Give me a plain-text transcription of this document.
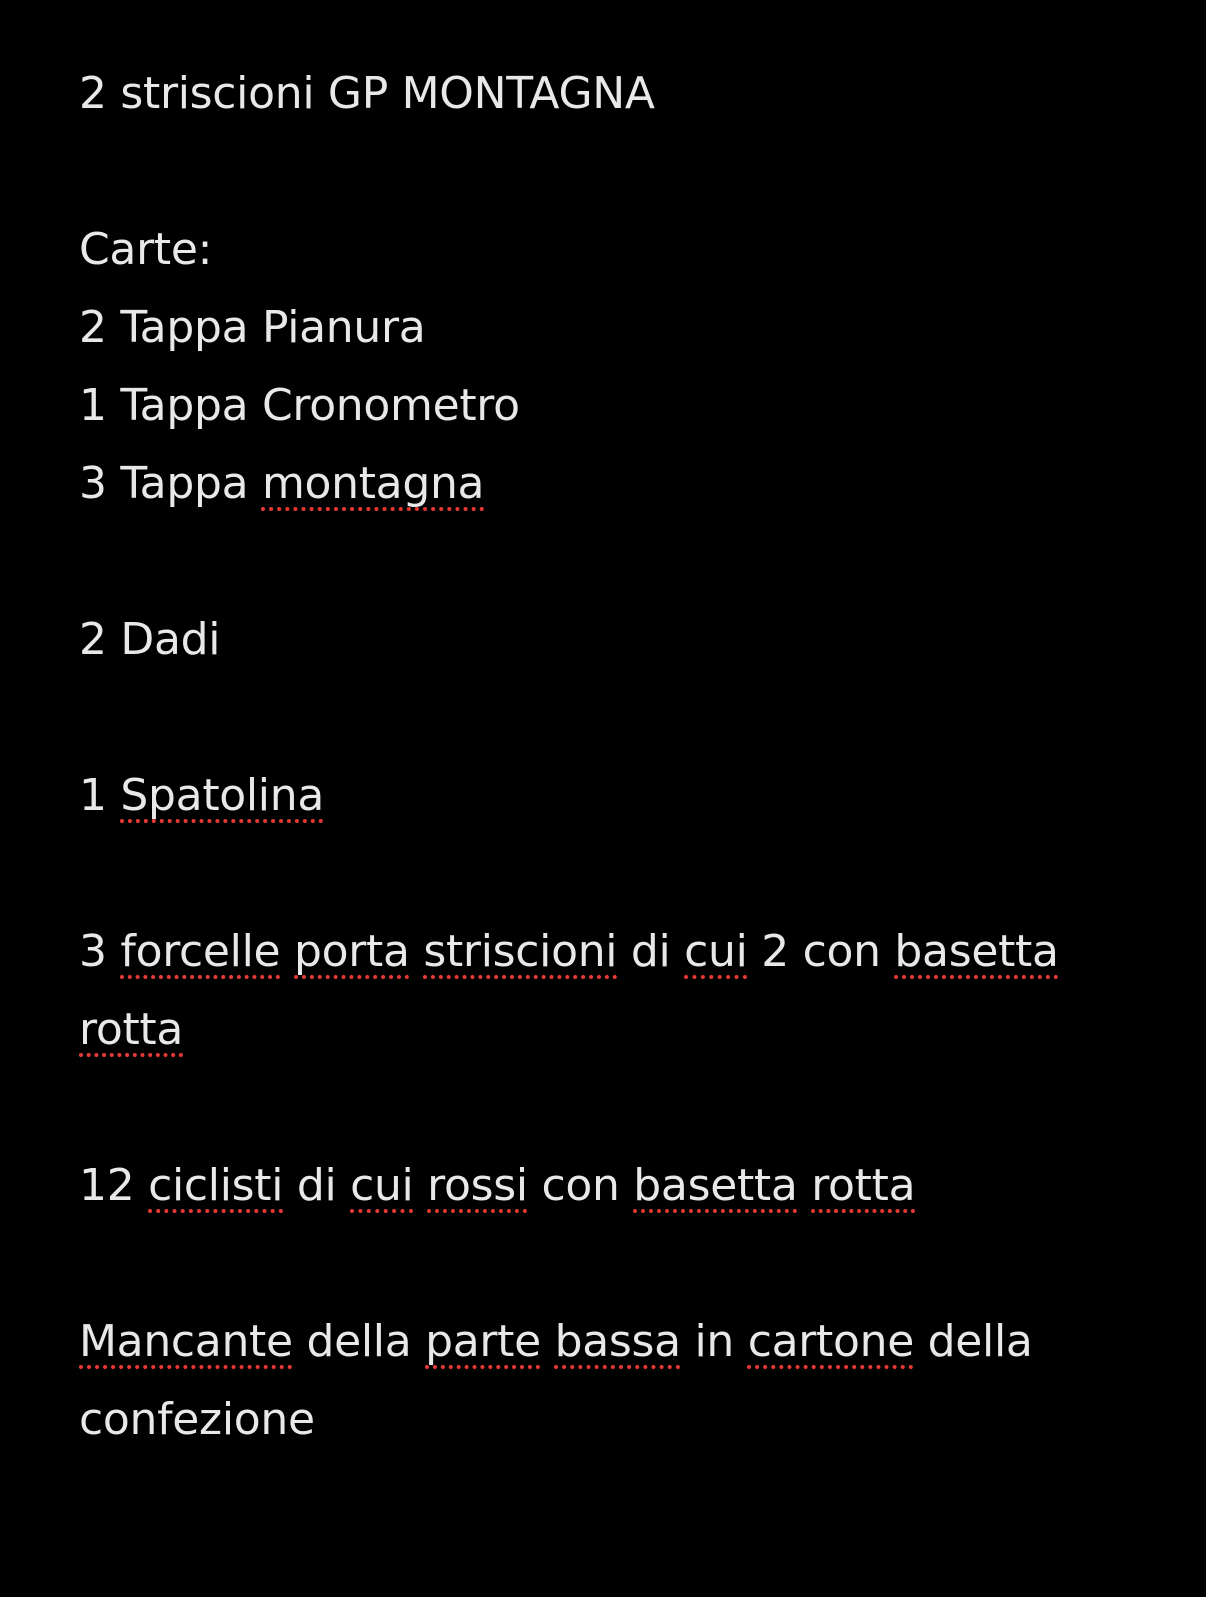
2 striscioni GP MONTAGNA
Carte:
2 Tappa Pianura
1 Tappa Cronometro
3 Tappa montagna
2 Dadi
1 Spatolina
3 forcelle porta striscioni di cui 2 con basetta
rotta
12 ciclisti di cui rossi con basetta rotta
Mancante della parte bassa in cartone della
confezione
